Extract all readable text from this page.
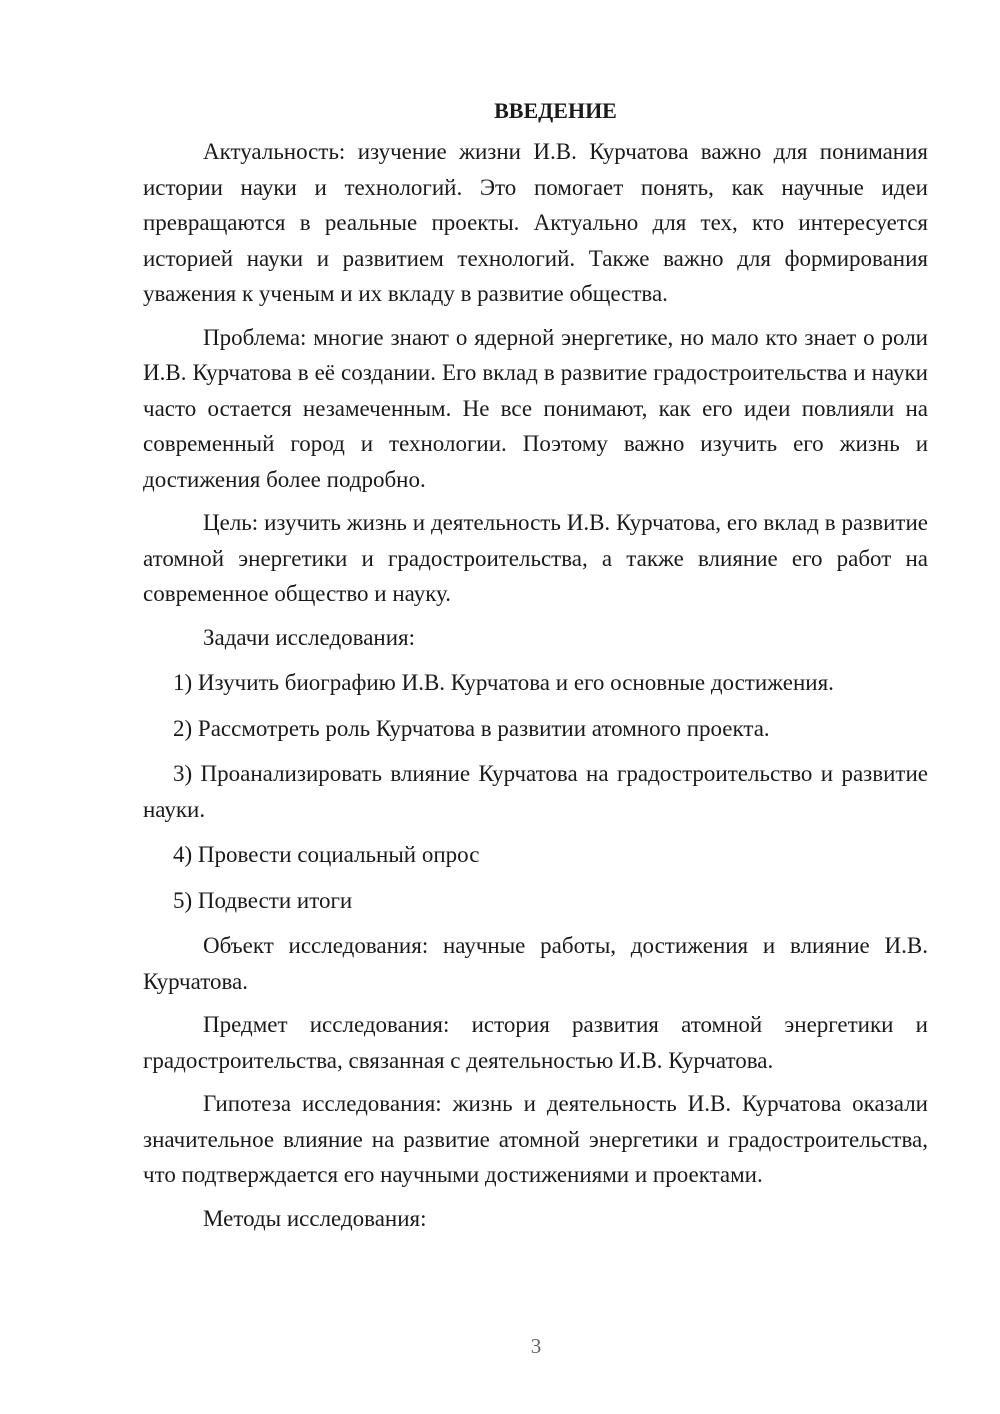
ВВЕДЕНИЕ

Актуальность: изучение жизни И.В. Курчатова важно для понимания истории науки и технологий. Это помогает понять, как научные идеи превращаются в реальные проекты. Актуально для тех, кто интересуется историей науки и развитием технологий. Также важно для формирования уважения к ученым и их вкладу в развитие общества.

Проблема: многие знают о ядерной энергетике, но мало кто знает о роли И.В. Курчатова в её создании. Его вклад в развитие градостроительства и науки часто остается незамеченным. Не все понимают, как его идеи повлияли на современный город и технологии. Поэтому важно изучить его жизнь и достижения более подробно.

Цель: изучить жизнь и деятельность И.В. Курчатова, его вклад в развитие атомной энергетики и градостроительства, а также влияние его работ на современное общество и науку.

Задачи исследования:

1) Изучить биографию И.В. Курчатова и его основные достижения.

2) Рассмотреть роль Курчатова в развитии атомного проекта.

3) Проанализировать влияние Курчатова на градостроительство и развитие науки.

4) Провести социальный опрос

5) Подвести итоги

Объект исследования: научные работы, достижения и влияние И.В. Курчатова.

Предмет исследования: история развития атомной энергетики и градостроительства, связанная с деятельностью И.В. Курчатова.

Гипотеза исследования: жизнь и деятельность И.В. Курчатова оказали значительное влияние на развитие атомной энергетики и градостроительства, что подтверждается его научными достижениями и проектами.

Методы исследования:

3
